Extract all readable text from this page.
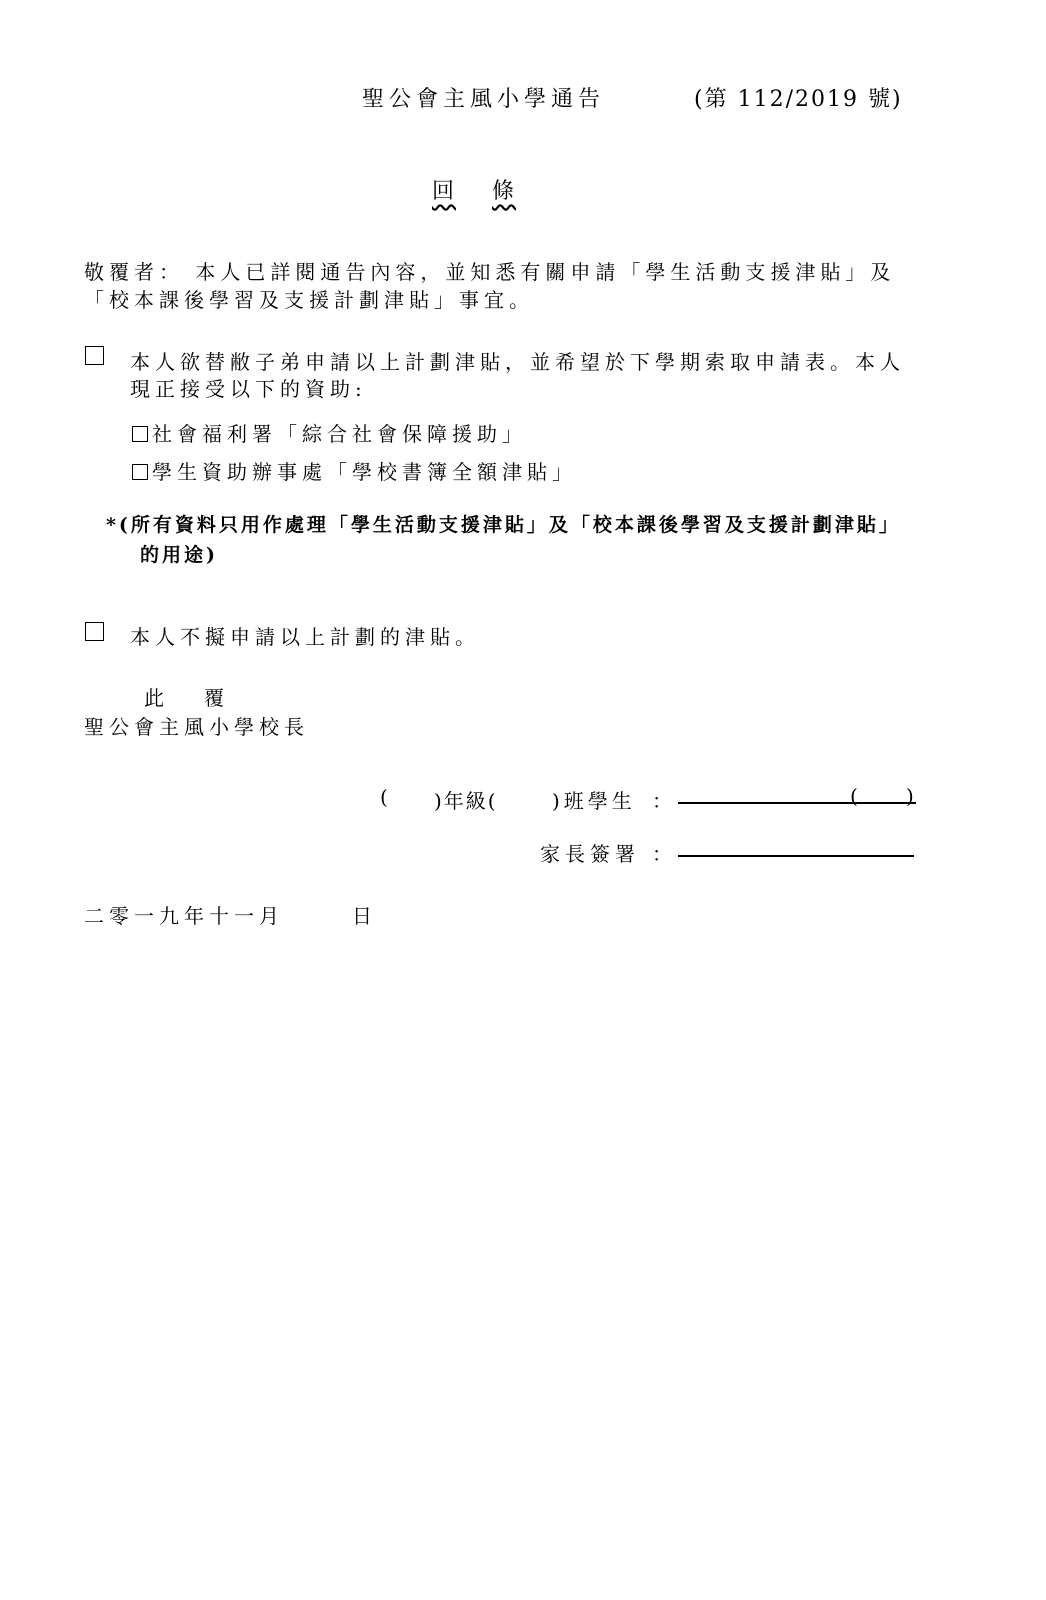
聖公會主風小學通告	(第 112/2019 號)
回 條
敬覆者： 本人已詳閱通告內容，並知悉有關申請「學生活動支援津貼」及
「校本課後學習及支援計劃津貼」事宜。
本人欲替敝子弟申請以上計劃津貼，並希望於下學期索取申請表。本人
現正接受以下的資助:
社會福利署「綜合社會保障援助」
學生資助辦事處「學校書簿全額津貼」
*(所有資料只用作處理「學生活動支援津貼」及「校本課後學習及支援計劃津貼」
的用途)
本人不擬申請以上計劃的津貼。
此 覆
聖公會主風小學校長
( )年級(	)班學生 ：	( )
家長簽署 ：
二零一九年十一月	日
